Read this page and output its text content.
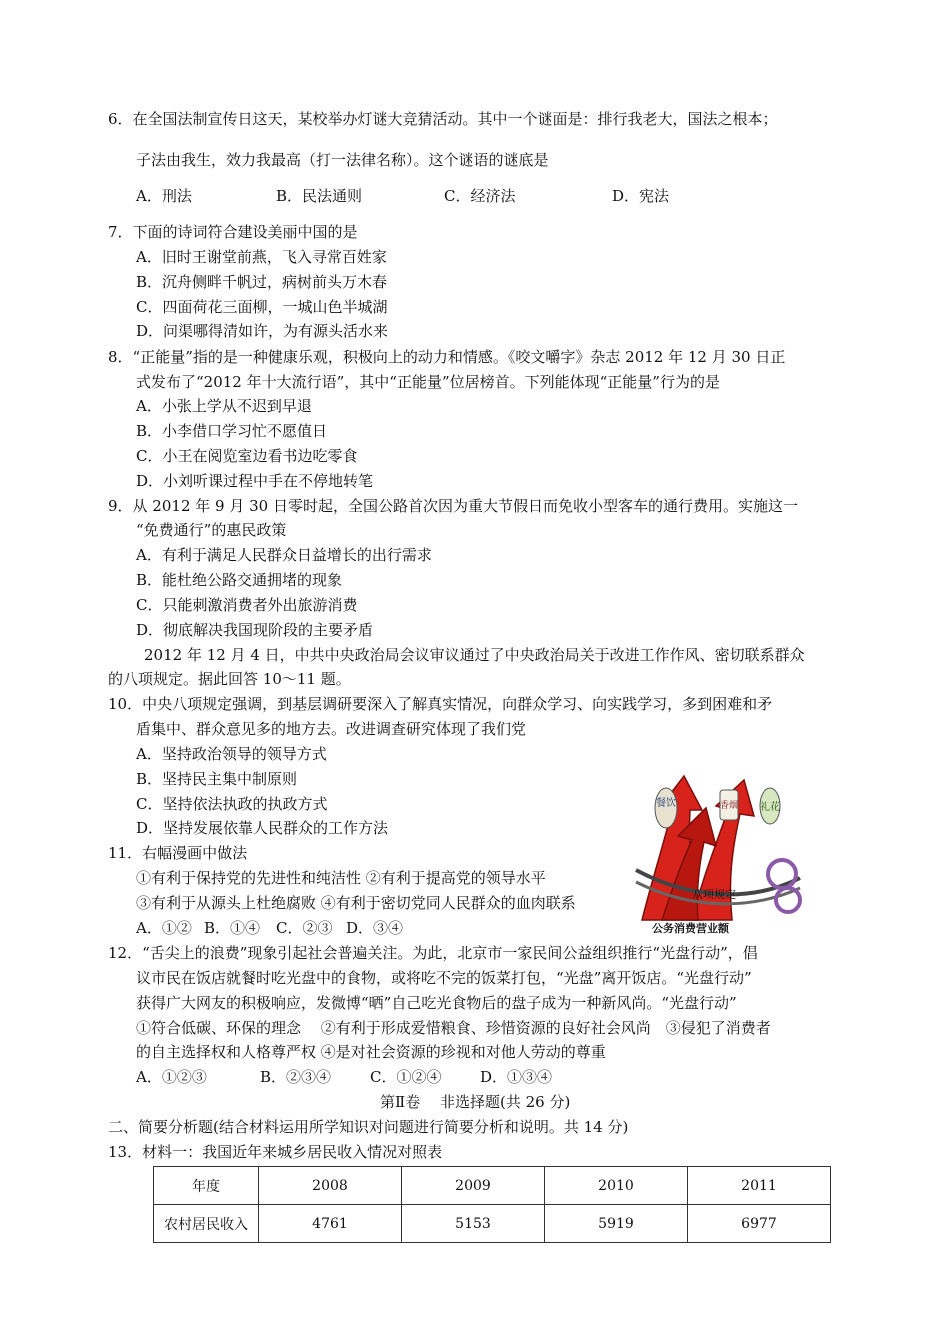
6．在全国法制宣传日这天，某校举办灯谜大竞猜活动。其中一个谜面是：排行我老大，国法之根本；
子法由我生，效力我最高（打一法律名称）。这个谜语的谜底是
A．刑法	B．民法通则	C．经济法	D．宪法
7．下面的诗词符合建设美丽中国的是
A．旧时王谢堂前燕，飞入寻常百姓家
B．沉舟侧畔千帆过，病树前头万木春
C．四面荷花三面柳，一城山色半城湖
D．问渠哪得清如许，为有源头活水来
8．“正能量”指的是一种健康乐观，积极向上的动力和情感。《咬文嚼字》杂志 2012 年 12 月 30 日正
式发布了“2012 年十大流行语”，其中“正能量”位居榜首。下列能体现“正能量”行为的是
A．小张上学从不迟到早退
B．小李借口学习忙不愿值日
C．小王在阅览室边看书边吃零食
D．小刘听课过程中手在不停地转笔
9．从 2012 年 9 月 30 日零时起，全国公路首次因为重大节假日而免收小型客车的通行费用。实施这一
“免费通行”的惠民政策
A．有利于满足人民群众日益增长的出行需求
B．能杜绝公路交通拥堵的现象
C．只能刺激消费者外出旅游消费
D．彻底解决我国现阶段的主要矛盾
2012 年 12 月 4 日，中共中央政治局会议审议通过了中央政治局关于改进工作作风、密切联系群众
的八项规定。据此回答 10～11 题。
10．中央八项规定强调，到基层调研要深入了解真实情况，向群众学习、向实践学习，多到困难和矛
盾集中、群众意见多的地方去。改进调查研究体现了我们党
A．坚持政治领导的领导方式
B．坚持民主集中制原则
C．坚持依法执政的执政方式
D．坚持发展依靠人民群众的工作方法
11．右幅漫画中做法
①有利于保持党的先进性和纯洁性 ②有利于提高党的领导水平
③有利于从源头上杜绝腐败 ④有利于密切党同人民群众的血肉联系
A．①② B．①④ C．②③ D．③④
餐饮	香烟 礼花
八项规定
公务消费营业额
12．“舌尖上的浪费”现象引起社会普遍关注。为此，北京市一家民间公益组织推行“光盘行动”，倡
议市民在饭店就餐时吃光盘中的食物，或将吃不完的饭菜打包，“光盘”离开饭店。“光盘行动”
获得广大网友的积极响应，发微博“晒”自己吃光食物后的盘子成为一种新风尚。“光盘行动”
①符合低碳、环保的理念　 ②有利于形成爱惜粮食、珍惜资源的良好社会风尚　③侵犯了消费者
的自主选择权和人格尊严权 ④是对社会资源的珍视和对他人劳动的尊重
A．①②③	B．②③④	C．①②④	D．①③④
第Ⅱ卷　 非选择题(共 26 分)
二、简要分析题(结合材料运用所学知识对问题进行简要分析和说明。共 14 分)
13．材料一：我国近年来城乡居民收入情况对照表
年度	2008	2009	2010	2011
农村居民收入	4761	5153	5919	6977
